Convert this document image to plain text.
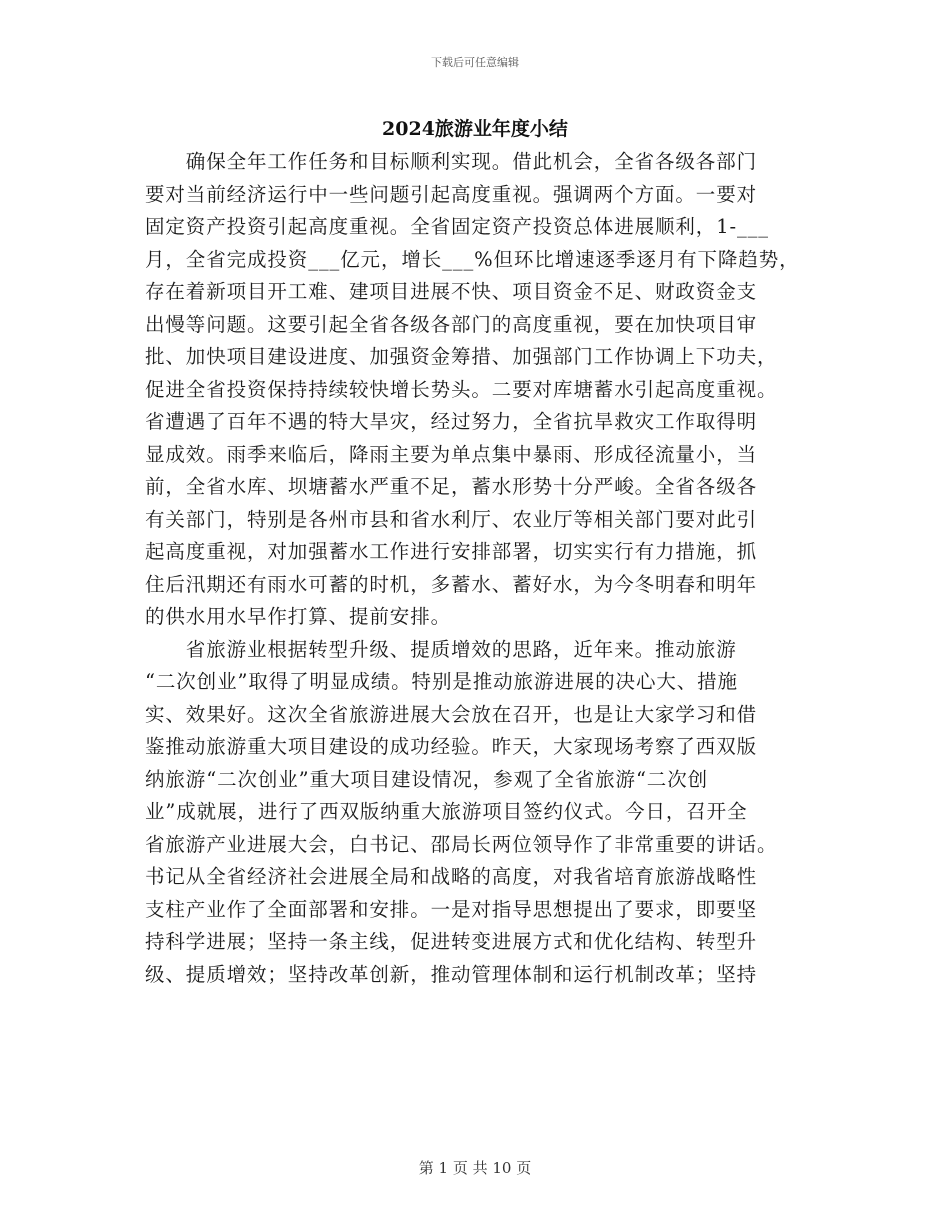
下载后可任意编辑
2024旅游业年度小结
　　确保全年工作任务和目标顺利实现。借此机会，全省各级各部门
要对当前经济运行中一些问题引起高度重视。强调两个方面。一要对
固定资产投资引起高度重视。全省固定资产投资总体进展顺利，1-___
月，全省完成投资___亿元，增长___%但环比增速逐季逐月有下降趋势，
存在着新项目开工难、建项目进展不快、项目资金不足、财政资金支
出慢等问题。这要引起全省各级各部门的高度重视，要在加快项目审
批、加快项目建设进度、加强资金筹措、加强部门工作协调上下功夫，
促进全省投资保持持续较快增长势头。二要对库塘蓄水引起高度重视。
省遭遇了百年不遇的特大旱灾，经过努力，全省抗旱救灾工作取得明
显成效。雨季来临后，降雨主要为单点集中暴雨、形成径流量小，当
前，全省水库、坝塘蓄水严重不足，蓄水形势十分严峻。全省各级各
有关部门，特别是各州市县和省水利厅、农业厅等相关部门要对此引
起高度重视，对加强蓄水工作进行安排部署，切实实行有力措施，抓
住后汛期还有雨水可蓄的时机，多蓄水、蓄好水，为今冬明春和明年
的供水用水早作打算、提前安排。
　　省旅游业根据转型升级、提质增效的思路，近年来。推动旅游
“二次创业”取得了明显成绩。特别是推动旅游进展的决心大、措施
实、效果好。这次全省旅游进展大会放在召开，也是让大家学习和借
鉴推动旅游重大项目建设的成功经验。昨天，大家现场考察了西双版
纳旅游“二次创业”重大项目建设情况，参观了全省旅游“二次创
业”成就展，进行了西双版纳重大旅游项目签约仪式。今日，召开全
省旅游产业进展大会，白书记、邵局长两位领导作了非常重要的讲话。
书记从全省经济社会进展全局和战略的高度，对我省培育旅游战略性
支柱产业作了全面部署和安排。一是对指导思想提出了要求，即要坚
持科学进展；坚持一条主线，促进转变进展方式和优化结构、转型升
级、提质增效；坚持改革创新，推动管理体制和运行机制改革；坚持
第 1 页 共 10 页
